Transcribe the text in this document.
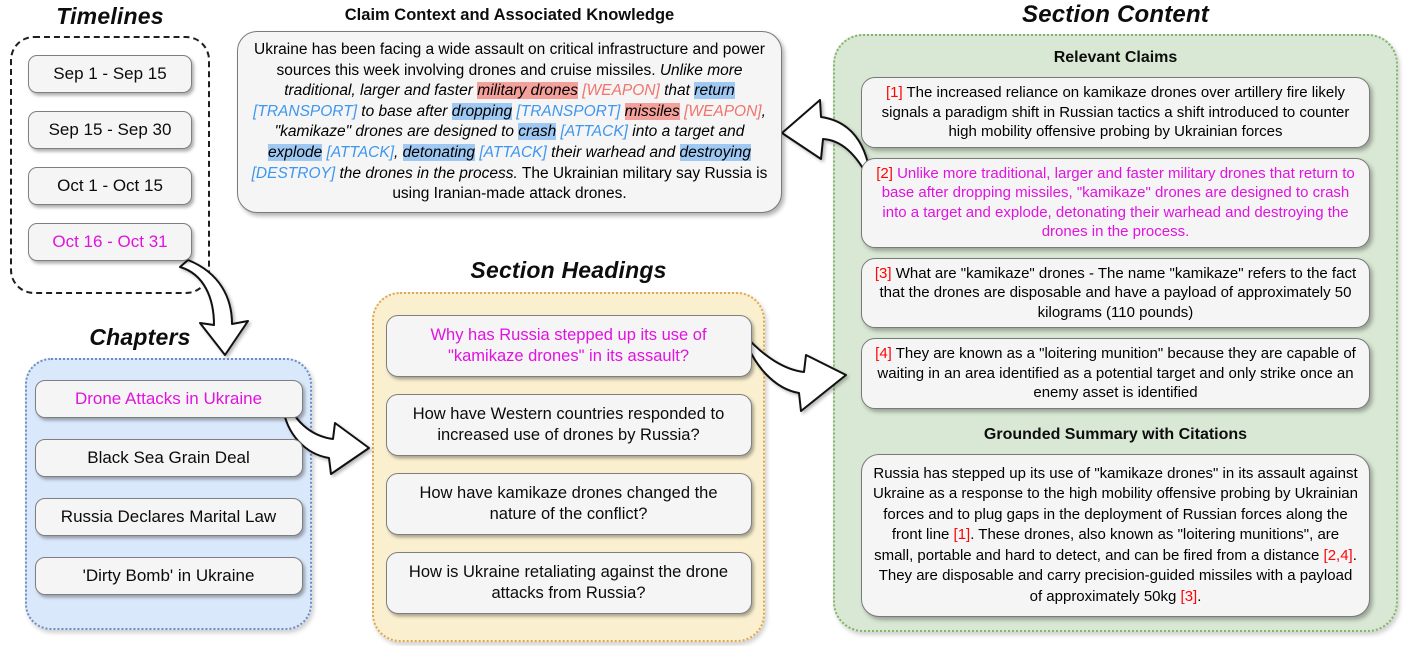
Timelines
Sep 1 - Sep 15
Sep 15 - Sep 30
Oct 1 - Oct 15
Oct 16 - Oct 31
Chapters
Drone Attacks in Ukraine
Black Sea Grain Deal
Russia Declares Marital Law
'Dirty Bomb' in Ukraine
Claim Context and Associated Knowledge
Ukraine has been facing a wide assault on critical infrastructure and power sources this week involving drones and cruise missiles. Unlike more traditional, larger and faster military drones [WEAPON] that return [TRANSPORT] to base after dropping [TRANSPORT] missiles [WEAPON], "kamikaze" drones are designed to crash [ATTACK] into a target and explode [ATTACK], detonating [ATTACK] their warhead and destroying [DESTROY] the drones in the process. The Ukrainian military say Russia is using Iranian-made attack drones.
Section Headings
Why has Russia stepped up its use of "kamikaze drones" in its assault?
How have Western countries responded to increased use of drones by Russia?
How have kamikaze drones changed the nature of the conflict?
How is Ukraine retaliating against the drone attacks from Russia?
Section Content
Relevant Claims
[1] The increased reliance on kamikaze drones over artillery fire likely signals a paradigm shift in Russian tactics a shift introduced to counter high mobility offensive probing by Ukrainian forces
[2] Unlike more traditional, larger and faster military drones that return to base after dropping missiles, "kamikaze" drones are designed to crash into a target and explode, detonating their warhead and destroying the drones in the process.
[3] What are "kamikaze" drones - The name "kamikaze" refers to the fact that the drones are disposable and have a payload of approximately 50 kilograms (110 pounds)
[4] They are known as a "loitering munition" because they are capable of waiting in an area identified as a potential target and only strike once an enemy asset is identified
Grounded Summary with Citations
Russia has stepped up its use of "kamikaze drones" in its assault against Ukraine as a response to the high mobility offensive probing by Ukrainian forces and to plug gaps in the deployment of Russian forces along the front line [1]. These drones, also known as "loitering munitions", are small, portable and hard to detect, and can be fired from a distance [2,4]. They are disposable and carry precision-guided missiles with a payload of approximately 50kg [3].
